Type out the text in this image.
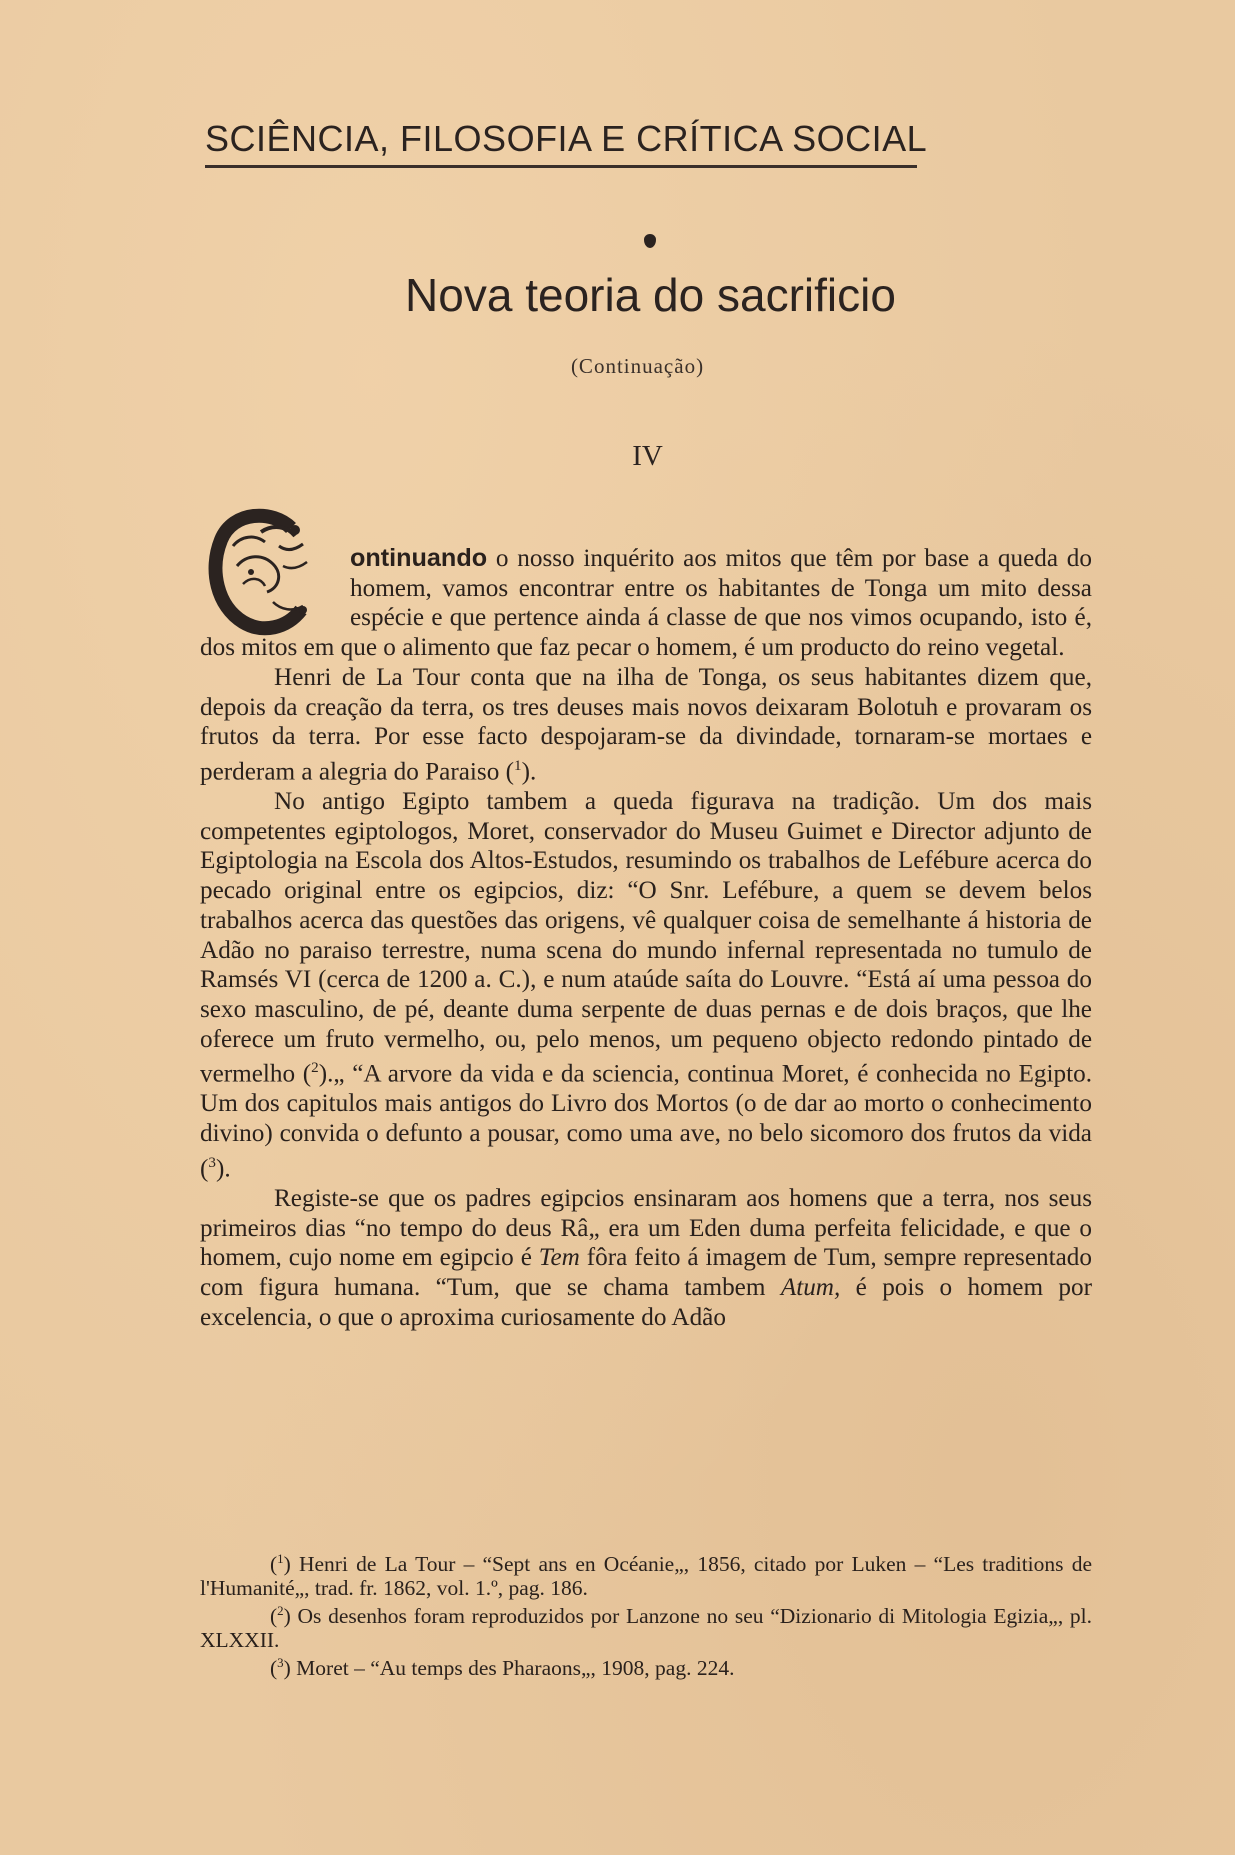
SCIÊNCIA, FILOSOFIA E CRÍTICA SOCIAL
Nova teoria do sacrificio
(Continuação)
IV

ontinuando o nosso inquérito aos mitos que têm por base a queda do homem, vamos encontrar entre os habitantes de Tonga um mito dessa espécie e que pertence ainda á classe de que nos vimos ocupando, isto é, dos mitos em que o alimento que faz pecar o homem, é um producto do reino vegetal.

Henri de La Tour conta que na ilha de Tonga, os seus habitantes dizem que, depois da creação da terra, os tres deuses mais novos deixaram Bolotuh e provaram os frutos da terra. Por esse facto despojaram-se da divindade, tornaram-se mortaes e perderam a alegria do Paraiso ($^1$).

No antigo Egipto tambem a queda figurava na tradição. Um dos mais competentes egiptologos, Moret, conservador do Museu Guimet e Director adjunto de Egiptologia na Escola dos Altos-Estudos, resumindo os trabalhos de Lefébure acerca do pecado original entre os egipcios, diz: “O Snr. Lefébure, a quem se devem belos trabalhos acerca das questões das origens, vê qualquer coisa de semelhante á historia de Adão no paraiso terrestre, numa scena do mundo infernal representada no tumulo de Ramsés VI (cerca de 1200 a. C.), e num ataúde saíta do Louvre. “Está aí uma pessoa do sexo masculino, de pé, deante duma serpente de duas pernas e de dois braços, que lhe oferece um fruto vermelho, ou, pelo menos, um pequeno objecto redondo pintado de vermelho ($^2$).„ “A arvore da vida e da sciencia, continua Moret, é conhecida no Egipto. Um dos capitulos mais antigos do Livro dos Mortos (o de dar ao morto o conhecimento divino) convida o defunto a pousar, como uma ave, no belo sicomoro dos frutos da vida ($^3$).

Registe-se que os padres egipcios ensinaram aos homens que a terra, nos seus primeiros dias “no tempo do deus Râ„ era um Eden duma perfeita felicidade, e que o homem, cujo nome em egipcio é Tem fôra feito á imagem de Tum, sempre representado com figura humana. “Tum, que se chama tambem Atum, é pois o homem por excelencia, o que o aproxima curiosamente do Adão

($^1$) Henri de La Tour – “Sept ans en Océanie„, 1856, citado por Luken – “Les traditions de l'Humanité„, trad. fr. 1862, vol. 1.º, pag. 186.

($^2$) Os desenhos foram reproduzidos por Lanzone no seu “Dizionario di Mitologia Egizia„, pl. XLXXII.

($^3$) Moret – “Au temps des Pharaons„, 1908, pag. 224.
